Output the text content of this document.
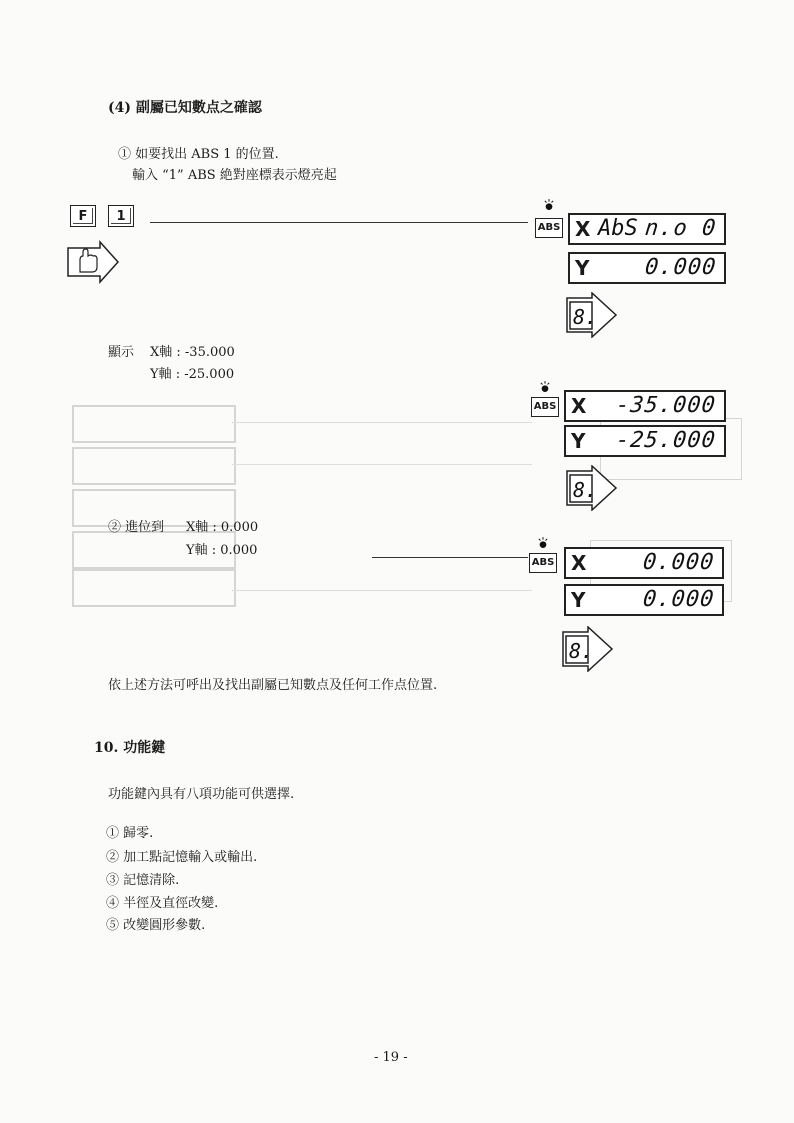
(4) 副屬已知數点之確認
① 如要找出 ABS 1 的位置.
輸入 “1” ABS 絶對座標表示燈亮起
F	1
ABS X AbS n.o 0
Y 0.000
8.
顯示 X軸 : -35.000
Y軸 : -25.000
ABS X -35.000
Y -25.000
8.
② 進位到 X軸 : 0.000
Y軸 : 0.000
ABS X	0.000
Y	0.000
8.
依上述方法可呼出及找出副屬已知數点及任何工作点位置.
10. 功能鍵
功能鍵內具有八項功能可供選擇.
① 歸零.
② 加工點記憶輸入或輸出.
③ 記憶清除.
④ 半徑及直徑改變.
⑤ 改變圓形參數.
- 19 -
